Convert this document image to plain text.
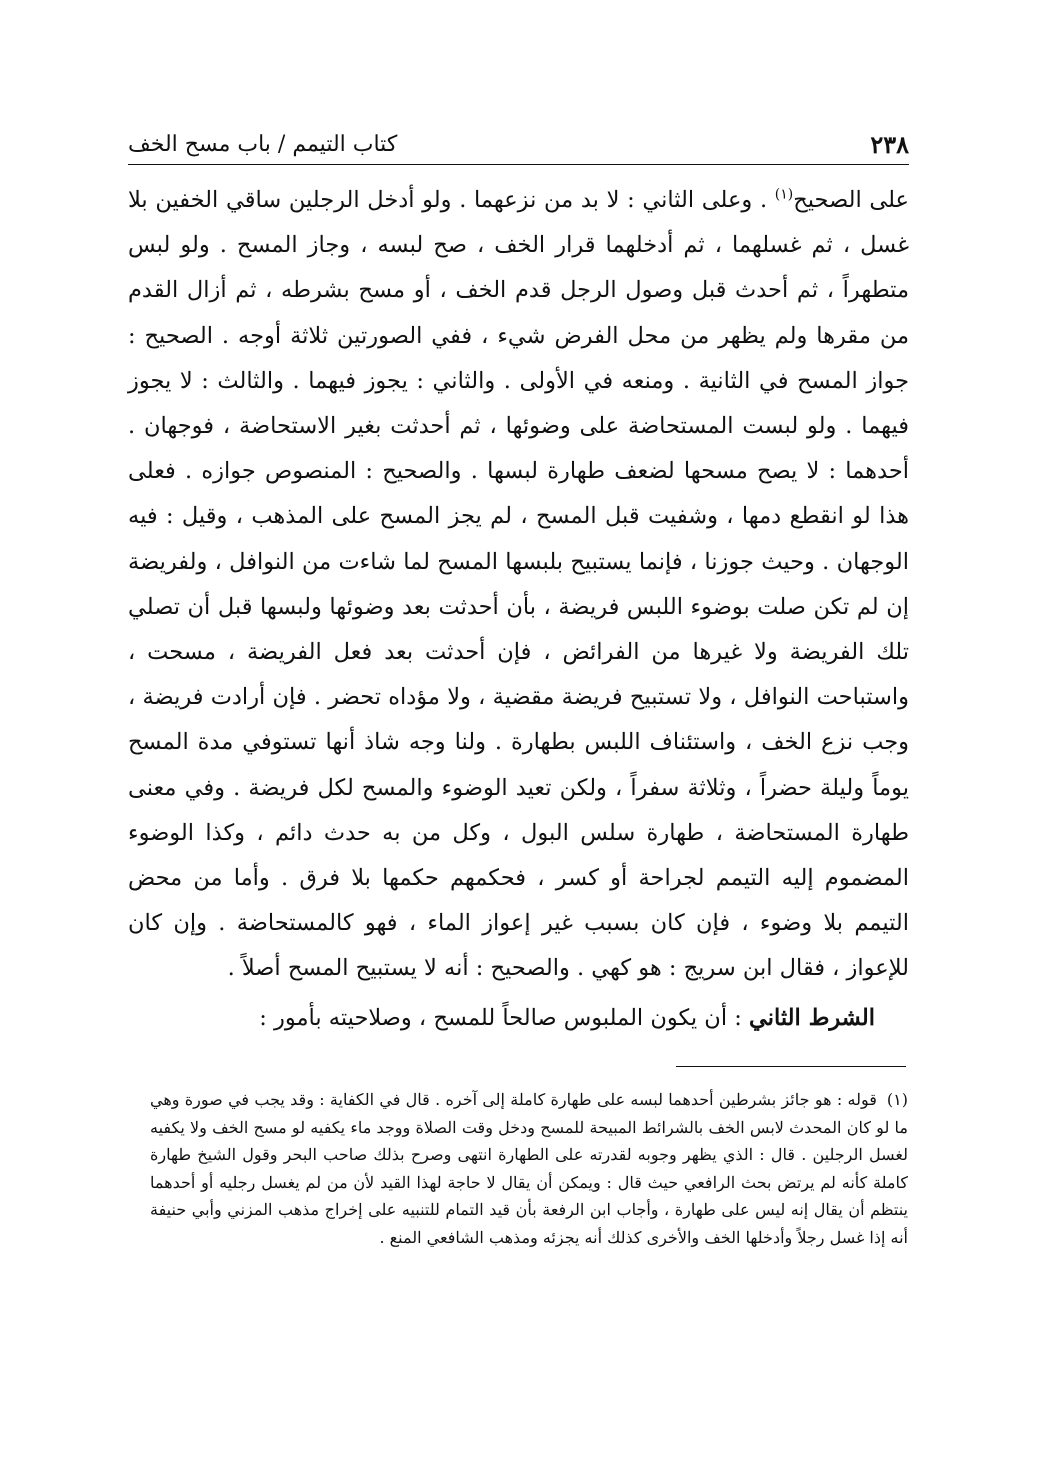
٢٣٨
كتاب التيمم / باب مسح الخف

على الصحيح$^{(١)}$ . وعلى الثاني : لا بد من نزعهما . ولو أدخل الرجلين ساقي الخفين بلا غسل ، ثم غسلهما ، ثم أدخلهما قرار الخف ، صح لبسه ، وجاز المسح . ولو لبس متطهراً ، ثم أحدث قبل وصول الرجل قدم الخف ، أو مسح بشرطه ، ثم أزال القدم من مقرها ولم يظهر من محل الفرض شيء ، ففي الصورتين ثلاثة أوجه . الصحيح : جواز المسح في الثانية . ومنعه في الأولى . والثاني : يجوز فيهما . والثالث : لا يجوز فيهما . ولو لبست المستحاضة على وضوئها ، ثم أحدثت بغير الاستحاضة ، فوجهان . أحدهما : لا يصح مسحها لضعف طهارة لبسها . والصحيح : المنصوص جوازه . فعلى هذا لو انقطع دمها ، وشفيت قبل المسح ، لم يجز المسح على المذهب ، وقيل : فيه الوجهان . وحيث جوزنا ، فإنما يستبيح بلبسها المسح لما شاءت من النوافل ، ولفريضة إن لم تكن صلت بوضوء اللبس فريضة ، بأن أحدثت بعد وضوئها ولبسها قبل أن تصلي تلك الفريضة ولا غيرها من الفرائض ، فإن أحدثت بعد فعل الفريضة ، مسحت ، واستباحت النوافل ، ولا تستبيح فريضة مقضية ، ولا مؤداه تحضر . فإن أرادت فريضة ، وجب نزع الخف ، واستئناف اللبس بطهارة . ولنا وجه شاذ أنها تستوفي مدة المسح يوماً وليلة حضراً ، وثلاثة سفراً ، ولكن تعيد الوضوء والمسح لكل فريضة . وفي معنى طهارة المستحاضة ، طهارة سلس البول ، وكل من به حدث دائم ، وكذا الوضوء المضموم إليه التيمم لجراحة أو كسر ، فحكمهم حكمها بلا فرق . وأما من محض التيمم بلا وضوء ، فإن كان بسبب غير إعواز الماء ، فهو كالمستحاضة . وإن كان للإعواز ، فقال ابن سريج : هو كهي . والصحيح : أنه لا يستبيح المسح أصلاً .

الشرط الثاني : أن يكون الملبوس صالحاً للمسح ، وصلاحيته بأمور :

(١)قوله : هو جائز بشرطين أحدهما لبسه على طهارة كاملة إلى آخره . قال في الكفاية : وقد يجب في صورة وهي ما لو كان المحدث لابس الخف بالشرائط المبيحة للمسح ودخل وقت الصلاة ووجد ماء يكفيه لو مسح الخف ولا يكفيه لغسل الرجلين . قال : الذي يظهر وجوبه لقدرته على الطهارة انتهى وصرح بذلك صاحب البحر وقول الشيخ طهارة كاملة كأنه لم يرتض بحث الرافعي حيث قال : ويمكن أن يقال لا حاجة لهذا القيد لأن من لم يغسل رجليه أو أحدهما ينتظم أن يقال إنه ليس على طهارة ، وأجاب ابن الرفعة بأن قيد التمام للتنبيه على إخراج مذهب المزني وأبي حنيفة أنه إذا غسل رجلاً وأدخلها الخف والأخرى كذلك أنه يجزئه ومذهب الشافعي المنع .
